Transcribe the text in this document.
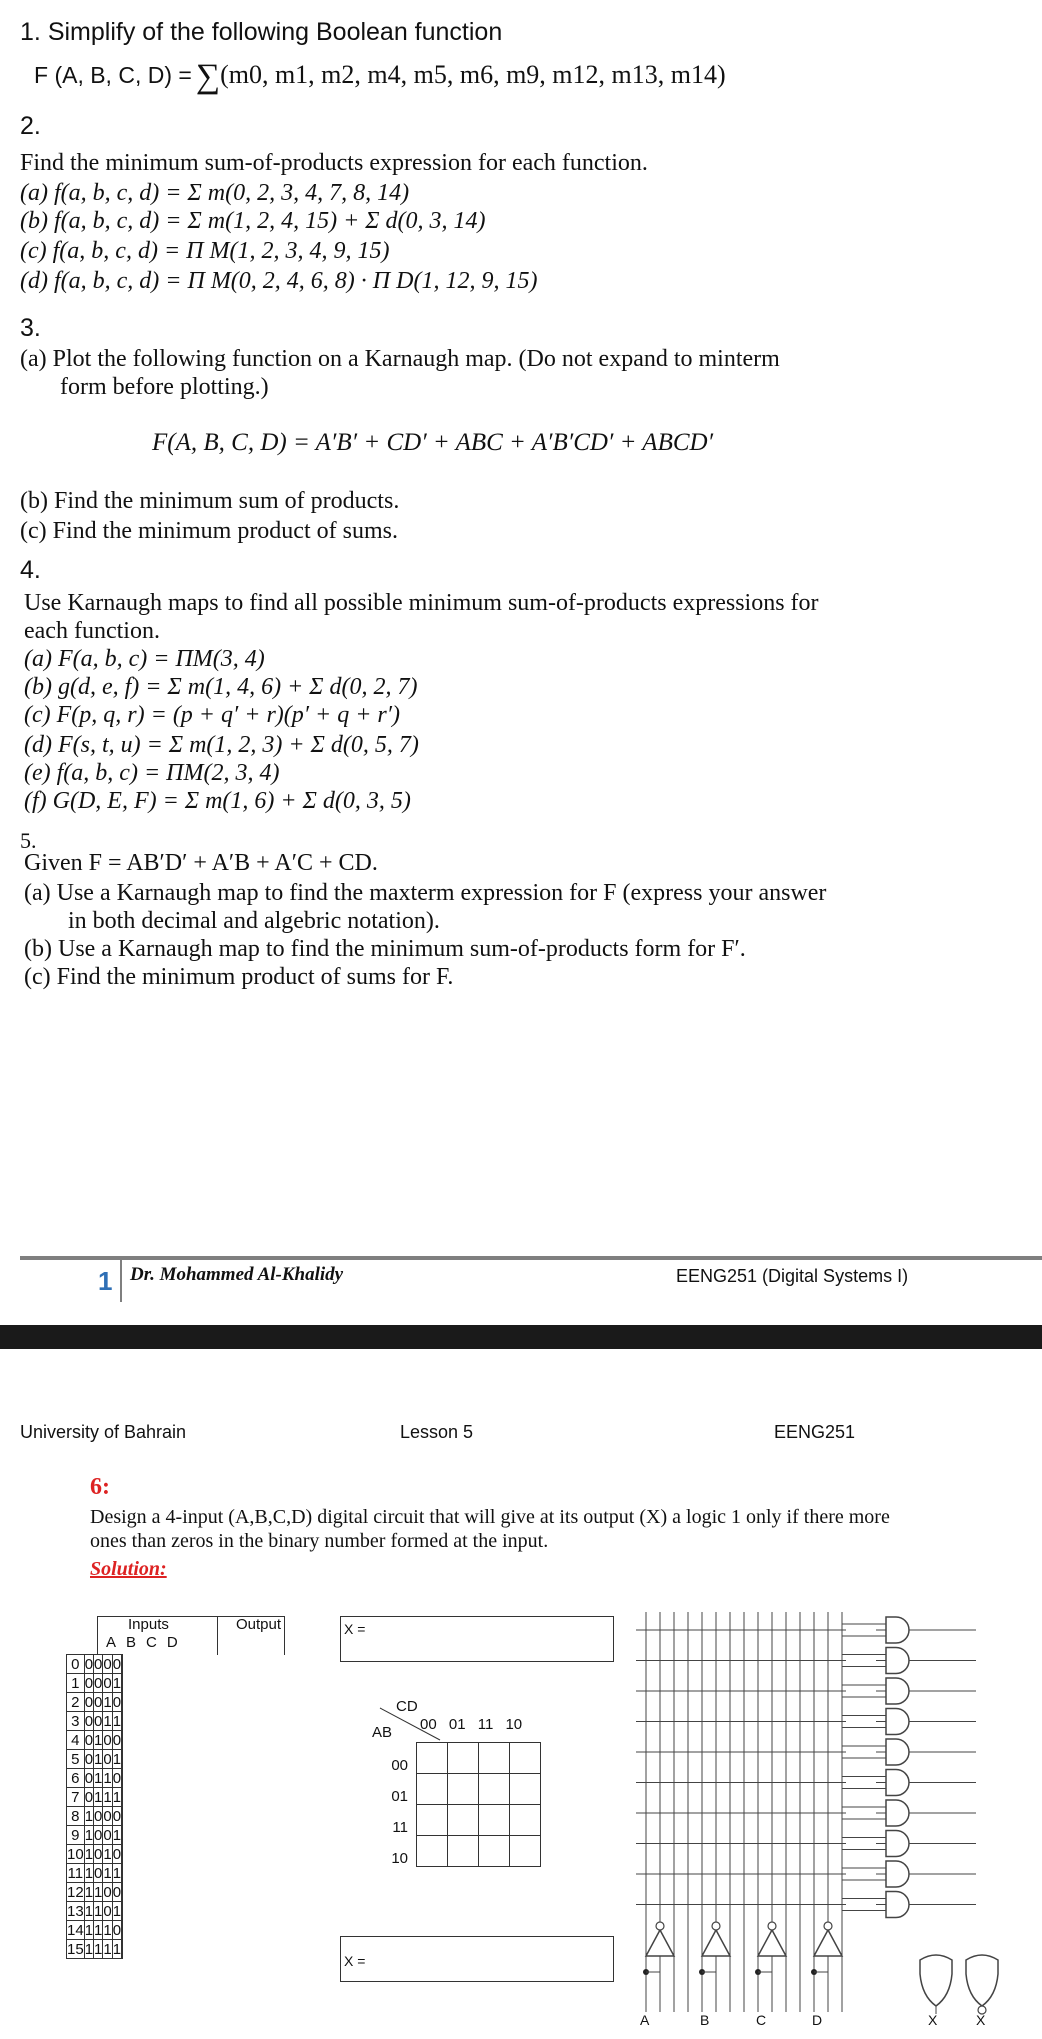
1. Simplify of the following Boolean function
F (A, B, C, D) = ∑(m0, m1, m2, m4, m5, m6, m9, m12, m13, m14)
2.
Find the minimum sum-of-products expression for each function.
(a) f(a, b, c, d) = Σ m(0, 2, 3, 4, 7, 8, 14)
(b) f(a, b, c, d) = Σ m(1, 2, 4, 15) + Σ d(0, 3, 14)
(c) f(a, b, c, d) = Π M(1, 2, 3, 4, 9, 15)
(d) f(a, b, c, d) = Π M(0, 2, 4, 6, 8) · Π D(1, 12, 9, 15)
3.
(a) Plot the following function on a Karnaugh map. (Do not expand to minterm
form before plotting.)
F(A, B, C, D) = A′B′ + CD′ + ABC + A′B′CD′ + ABCD′
(b) Find the minimum sum of products.
(c) Find the minimum product of sums.
4.
Use Karnaugh maps to find all possible minimum sum-of-products expressions for
each function.
(a) F(a, b, c) = ΠM(3, 4)
(b) g(d, e, f) = Σ m(1, 4, 6) + Σ d(0, 2, 7)
(c) F(p, q, r) = (p + q′ + r)(p′ + q + r′)
(d) F(s, t, u) = Σ m(1, 2, 3) + Σ d(0, 5, 7)
(e) f(a, b, c) = ΠM(2, 3, 4)
(f) G(D, E, F) = Σ m(1, 6) + Σ d(0, 3, 5)
5.
Given F = AB′D′ + A′B + A′C + CD.
(a) Use a Karnaugh map to find the maxterm expression for F (express your answer
in both decimal and algebric notation).
(b) Use a Karnaugh map to find the minimum sum-of-products form for F′.
(c) Find the minimum product of sums for F.
1 Dr. Mohammed Al-Khalidy	EENG251 (Digital Systems I)
University of Bahrain	Lesson 5	EENG251
6:
Design a 4-input (A,B,C,D) digital circuit that will give at its output (X) a logic 1 only if there more
ones than zeros in the binary number formed at the input.
Solution:
Inputs	Output
ABCD
0	0	0	0	0	
1	0	0	0	1	
2	0	0	1	0	
3	0	0	1	1	
4	0	1	0	0	
5	0	1	0	1	
6	0	1	1	0	
7	0	1	1	1	
8	1	0	0	0	
9	1	0	0	1	
10	1	0	1	0	
11	1	0	1	1	
12	1	1	0	0	
13	1	1	0	1	
14	1	1	1	0	
15	1	1	1	1	
X =
X =
CD
AB 00 01 11 10
00
01
11
10

A	B	C	D	X	X
